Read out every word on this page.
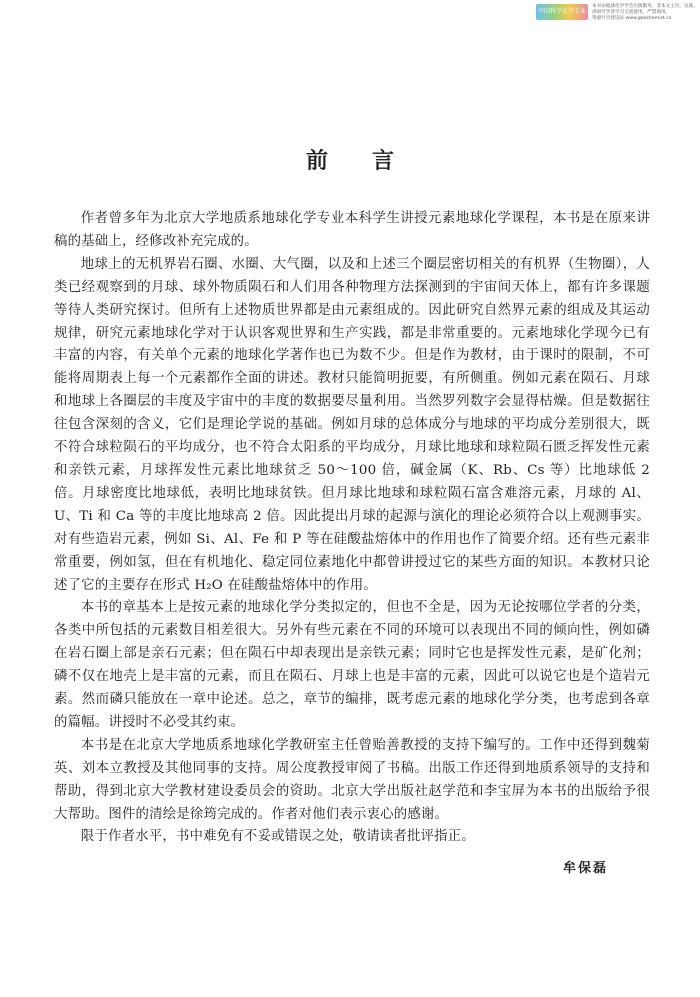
中国科学化学专业
本书由地球化学学会出版服务，非本文主旨，宣就。
供研究学者学习交流使用，严禁商用。
资源共享建设站 www.geochemist.cn
前言

作者曾多年为北京大学地质系地球化学专业本科学生讲授元素地球化学课程，本书是在原来讲稿的基础上，经修改补充完成的。

地球上的无机界岩石圈、水圈、大气圈，以及和上述三个圈层密切相关的有机界（生物圈），人类已经观察到的月球、球外物质陨石和人们用各种物理方法探测到的宇宙间天体上，都有许多课题等待人类研究探讨。但所有上述物质世界都是由元素组成的。因此研究自然界元素的组成及其运动规律，研究元素地球化学对于认识客观世界和生产实践，都是非常重要的。元素地球化学现今已有丰富的内容，有关单个元素的地球化学著作也已为数不少。但是作为教材，由于课时的限制，不可能将周期表上每一个元素都作全面的讲述。教材只能简明扼要，有所侧重。例如元素在陨石、月球和地球上各圈层的丰度及宇宙中的丰度的数据要尽量利用。当然罗列数字会显得枯燥。但是数据往往包含深刻的含义，它们是理论学说的基础。例如月球的总体成分与地球的平均成分差别很大，既不符合球粒陨石的平均成分，也不符合太阳系的平均成分，月球比地球和球粒陨石匮乏挥发性元素和亲铁元素，月球挥发性元素比地球贫乏 50～100 倍，碱金属（K、Rb、Cs 等）比地球低 2 倍。月球密度比地球低，表明比地球贫铁。但月球比地球和球粒陨石富含难溶元素，月球的 Al、U、Ti 和 Ca 等的丰度比地球高 2 倍。因此提出月球的起源与演化的理论必须符合以上观测事实。对有些造岩元素，例如 Si、Al、Fe 和 P 等在硅酸盐熔体中的作用也作了简要介绍。还有些元素非常重要，例如氢，但在有机地化、稳定同位素地化中都曾讲授过它的某些方面的知识。本教材只论述了它的主要存在形式 H₂O 在硅酸盐熔体中的作用。

本书的章基本上是按元素的地球化学分类拟定的，但也不全是，因为无论按哪位学者的分类，各类中所包括的元素数目相差很大。另外有些元素在不同的环境可以表现出不同的倾向性，例如磷在岩石圈上部是亲石元素；但在陨石中却表现出是亲铁元素；同时它也是挥发性元素，是矿化剂；磷不仅在地壳上是丰富的元素，而且在陨石、月球上也是丰富的元素，因此可以说它也是个造岩元素。然而磷只能放在一章中论述。总之，章节的编排，既考虑元素的地球化学分类，也考虑到各章的篇幅。讲授时不必受其约束。

本书是在北京大学地质系地球化学教研室主任曾贻善教授的支持下编写的。工作中还得到魏菊英、刘本立教授及其他同事的支持。周公度教授审阅了书稿。出版工作还得到地质系领导的支持和帮助，得到北京大学教材建设委员会的资助。北京大学出版社赵学范和李宝屏为本书的出版给予很大帮助。图件的清绘是徐筠完成的。作者对他们表示衷心的感谢。

限于作者水平，书中难免有不妥或错误之处，敬请读者批评指正。

牟保磊
